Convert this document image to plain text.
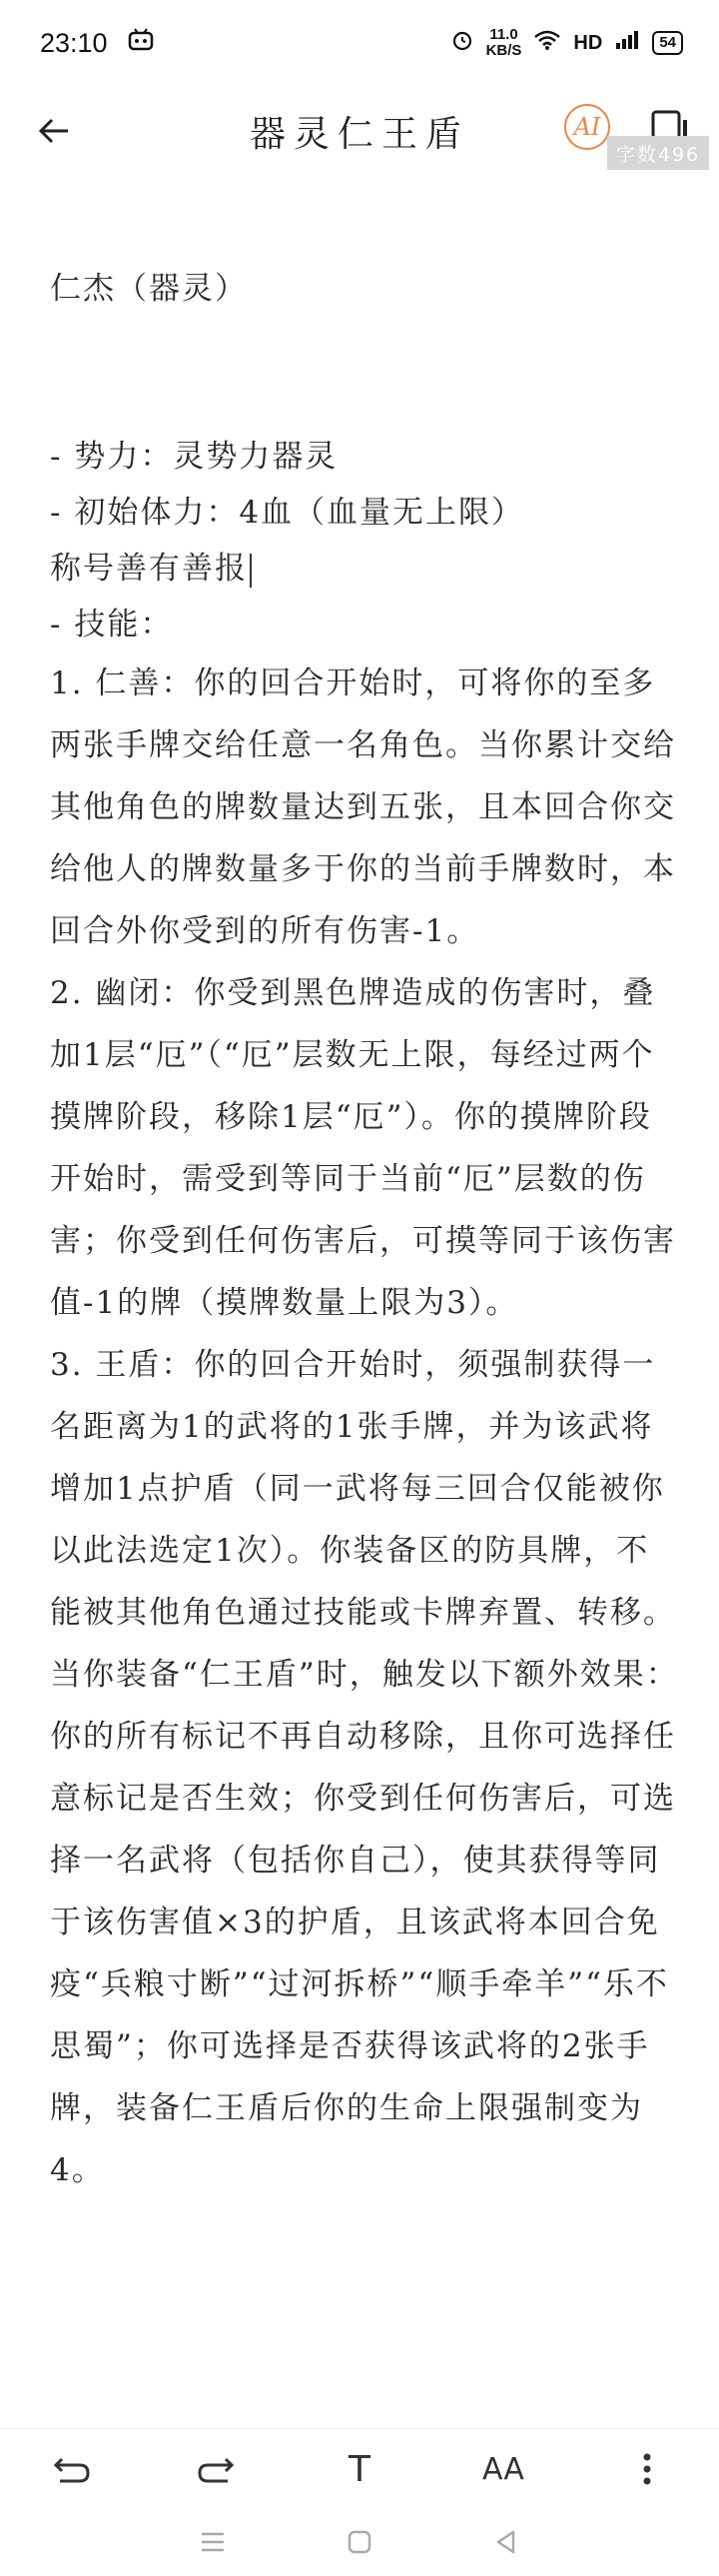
23:10	11.0
KB/S	HD	54
器灵仁王盾	AI
字数496
仁杰（器灵）
- 势力：灵势力器灵
- 初始体力：4血（血量无上限）
称号善有善报
- 技能：
1. 仁善：你的回合开始时，可将你的至多两张手牌交给任意一名角色。当你累计交给其他角色的牌数量达到五张，且本回合你交给他人的牌数量多于你的当前手牌数时，本回合外你受到的所有伤害-1。
2. 幽闭：你受到黑色牌造成的伤害时，叠加1层“厄”（“厄”层数无上限，每经过两个摸牌阶段，移除1层“厄”）。你的摸牌阶段开始时，需受到等同于当前“厄”层数的伤害；你受到任何伤害后，可摸等同于该伤害值-1的牌（摸牌数量上限为3）。
3. 王盾：你的回合开始时，须强制获得一名距离为1的武将的1张手牌，并为该武将增加1点护盾（同一武将每三回合仅能被你以此法选定1次）。你装备区的防具牌，不能被其他角色通过技能或卡牌弃置、转移。当你装备“仁王盾”时，触发以下额外效果：你的所有标记不再自动移除，且你可选择任意标记是否生效；你受到任何伤害后，可选择一名武将（包括你自己），使其获得等同于该伤害值×3的护盾，且该武将本回合免疫“兵粮寸断”“过河拆桥”“顺手牵羊”“乐不思蜀”；你可选择是否获得该武将的2张手牌，装备仁王盾后你的生命上限强制变为4。
T	AA
